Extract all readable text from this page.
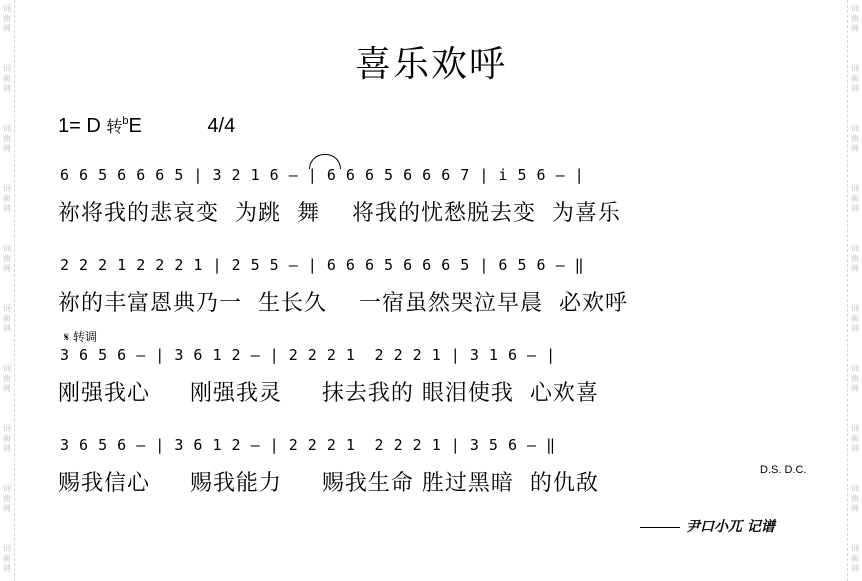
词
曲
网
词
曲
网
词
曲
网
词
曲
网
词
曲
网
词
曲
网
词
曲
网
词
曲
网
词
曲
网
词
曲
网
词
曲
网
词
曲
网
词
曲
网
词
曲
网
词
曲
网
词
曲
网
词
曲
网
词
曲
网
词
曲
网
词
曲
网
喜乐欢呼
1= D 转$^b$E	4/4
6 6 5 6 6 6 5 | 3 2 1 6 – | 6 6 6 5 6 6 6 7 | i 5 6 – |
祢将我的悲哀变  为跳  舞    将我的忧愁脱去变  为喜乐
2 2 2 1 2 2 2 1 | 2 5 5 – | 6 6 6 5 6 6 6 5 | 6 5 6 – ‖
祢的丰富恩典乃一  生长久    一宿虽然哭泣早晨  必欢呼
𝄋 转调
3 6 5 6 – | 3 6 1 2 – | 2 2 2 1  2 2 2 1 | 3 1 6 – |
刚强我心     刚强我灵     抹去我的 眼泪使我  心欢喜
3 6 5 6 – | 3 6 1 2 – | 2 2 2 1  2 2 2 1 | 3 5 6 – ‖
赐我信心     赐我能力     赐我生命 胜过黑暗  的仇敌
D.S. D.C.
尹口小兀 记谱
